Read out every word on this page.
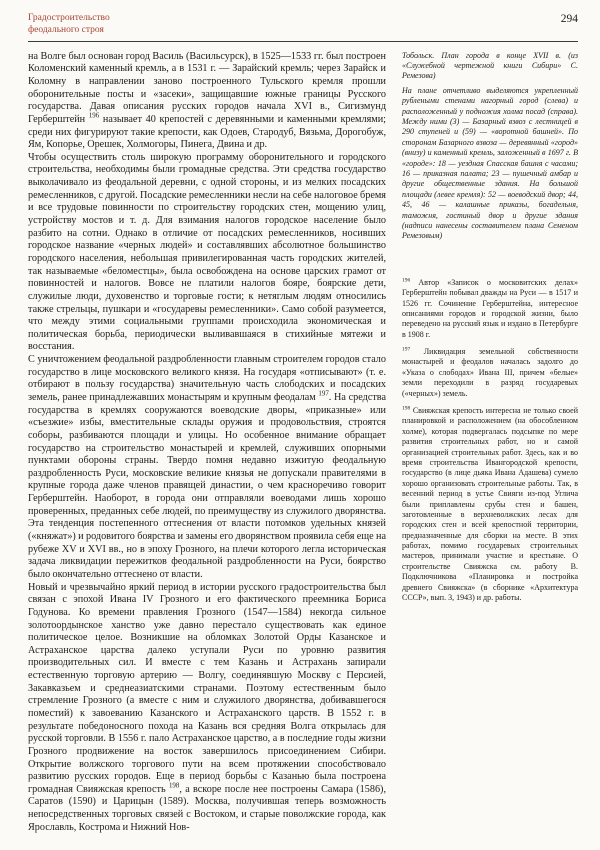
Градостроительство
феодального строя
294

на Волге был основан город Василь (Васильсурск), в 1525—1533 гг. был построен Коломенский каменный кремль, а в 1531 г. — Зарайский кремль; через Зарайск и Коломну в направлении заново построенного Тульского кремля прошли оборонительные посты и «засеки», защищавшие южные границы Русского государства. Давая описания русских городов начала XVI в., Сигизмунд Герберштейн $^{196}$ называет 40 крепостей с деревянными и каменными кремлями; среди них фигурируют такие крепости, как Одоев, Стародуб, Вязьма, Дорогобуж, Ям, Копорье, Орешек, Холмогоры, Пинега, Двина и др.

Чтобы осуществить столь широкую программу оборонительного и городского строительства, необходимы были громадные средства. Эти средства государство выколачивало из феодальной деревни, с одной стороны, и из мелких посадских ремесленников, с другой. Посадские ремесленники несли на себе налоговое бремя и все трудовые повинности по строительству городских стен, мощению улиц, устройству мостов и т. д. Для взимания налогов городское население было разбито на сотни. Однако в отличие от посадских ремесленников, носивших городское название «черных людей» и составлявших абсолютное большинство городского населения, небольшая привилегированная часть городских жителей, так называемые «беломестцы», была освобождена на основе царских грамот от повинностей и налогов. Вовсе не платили налогов бояре, боярские дети, служилые люди, духовенство и торговые гости; к нетяглым людям относились также стрельцы, пушкари и «государевы ремесленники». Само собой разумеется, что между этими социальными группами происходила экономическая и политическая борьба, периодически выливавшаяся в стихийные мятежи и восстания.

С уничтожением феодальной раздробленности главным строителем городов стало государство в лице московского великого князя. На государя «отписывают» (т. е. отбирают в пользу государства) значительную часть слободских и посадских земель, ранее принадлежавших монастырям и крупным феодалам $^{197}$. На средства государства в кремлях сооружаются воеводские дворы, «приказные» или «съезжие» избы, вместительные склады оружия и продовольствия, строятся соборы, разбиваются площади и улицы. Но особенное внимание обращает государство на строительство монастырей и кремлей, служивших опорными пунктами обороны страны. Твердо помня недавно изжитую феодальную раздробленность Руси, московские великие князья не допускали правителями в крупные города даже членов правящей династии, о чем красноречиво говорит Герберштейн. Наоборот, в города они отправляли воеводами лишь хорошо проверенных, преданных себе людей, по преимуществу из служилого дворянства. Эта тенденция постепенного оттеснения от власти потомков удельных князей («княжат») и родовитого боярства и замены его дворянством проявила себя еще на рубеже XV и XVI вв., но в эпоху Грозного, на плечи которого легла историческая задача ликвидации пережитков феодальной раздробленности на Руси, боярство было окончательно оттеснено от власти.

Новый и чрезвычайно яркий период в истории русского градостроительства был связан с эпохой Ивана IV Грозного и его фактического преемника Бориса Годунова. Ко времени правления Грозного (1547—1584) некогда сильное золотоордынское ханство уже давно перестало существовать как единое политическое целое. Возникшие на обломках Золотой Орды Казанское и Астраханское царства далеко уступали Руси по уровню развития производительных сил. И вместе с тем Казань и Астрахань запирали естественную торговую артерию — Волгу, соединявшую Москву с Персией, Закавказьем и среднеазиатскими странами. Поэтому естественным было стремление Грозного (а вместе с ним и служилого дворянства, добивавшегося поместий) к завоеванию Казанского и Астраханского царств. В 1552 г. в результате победоносного похода на Казань вся средняя Волга открылась для русской торговли. В 1556 г. пало Астраханское царство, а в последние годы жизни Грозного продвижение на восток завершилось присоединением Сибири. Открытие волжского торгового пути на всем протяжении способствовало развитию русских городов. Еще в период борьбы с Казанью была построена громадная Свияжская крепость $^{198}$, а вскоре после нее построены Самара (1586), Саратов (1590) и Царицын (1589). Москва, получившая теперь возможность непосредственных торговых связей с Востоком, и старые поволжские города, как Ярославль, Кострома и Нижний Нов-

Тобольск. План города в конце XVII в. (из «Служебной чертежной книги Сибири» С. Ремезова)

На плане отчетливо выделяются укрепленный рублеными стенами нагорный город (слева) и расположенный у подножия холма посад (справа). Между ними (3) — Базарный взвоз с лестницей в 290 ступеней и (59) — «воротной башней». По сторонам Базарного взвоза — деревянный «город» (внизу) и каменный кремль, заложенный в 1697 г. В «городе»: 18 — уездная Спасская башня с часами; 16 — приказная палата; 23 — пушечный амбар и другие общественные здания. На большой площади (левее кремля): 52 — воеводский двор; 44, 45, 46 — калашные приказы, богадельня, таможня, гостиный двор и другие здания (надписи нанесены составителем плана Семеном Ремезовым)

$^{196}$ Автор «Записок о московитских делах» Герберштейн побывал дважды на Руси — в 1517 и 1526 гг. Сочинение Герберштейна, интересное описаниями городов и городской жизни, было переведено на русский язык и издано в Петербурге в 1908 г.

$^{197}$ Ликвидация земельной собственности монастырей и феодалов началась задолго до «Указа о слободах» Ивана III, причем «белые» земли переходили в разряд государевых («черных») земель.

$^{198}$ Свияжская крепость интересна не только своей планировкой и расположением (на обособленном холме), которая подвергалась подсыпке по мере развития строительных работ, но и самой организацией строительных работ. Здесь, как и во время строительства Ивангородской крепости, государство (в лице дьяка Ивана Адашева) сумело хорошо организовать строительные работы. Так, в весенний период в устье Свияги из-под Углича были приплавлены срубы стен и башен, заготовленные в верхневолжских лесах для городских стен и всей крепостной территории, предназначенные для сборки на месте. В этих работах, помимо государевых строительных мастеров, принимали участие и крестьяне. О строительстве Свияжска см. работу В. Подключникова «Планировка и постройка древнего Свияжска» (в сборнике «Архитектура СССР», вып. 3, 1943) и др. работы.
